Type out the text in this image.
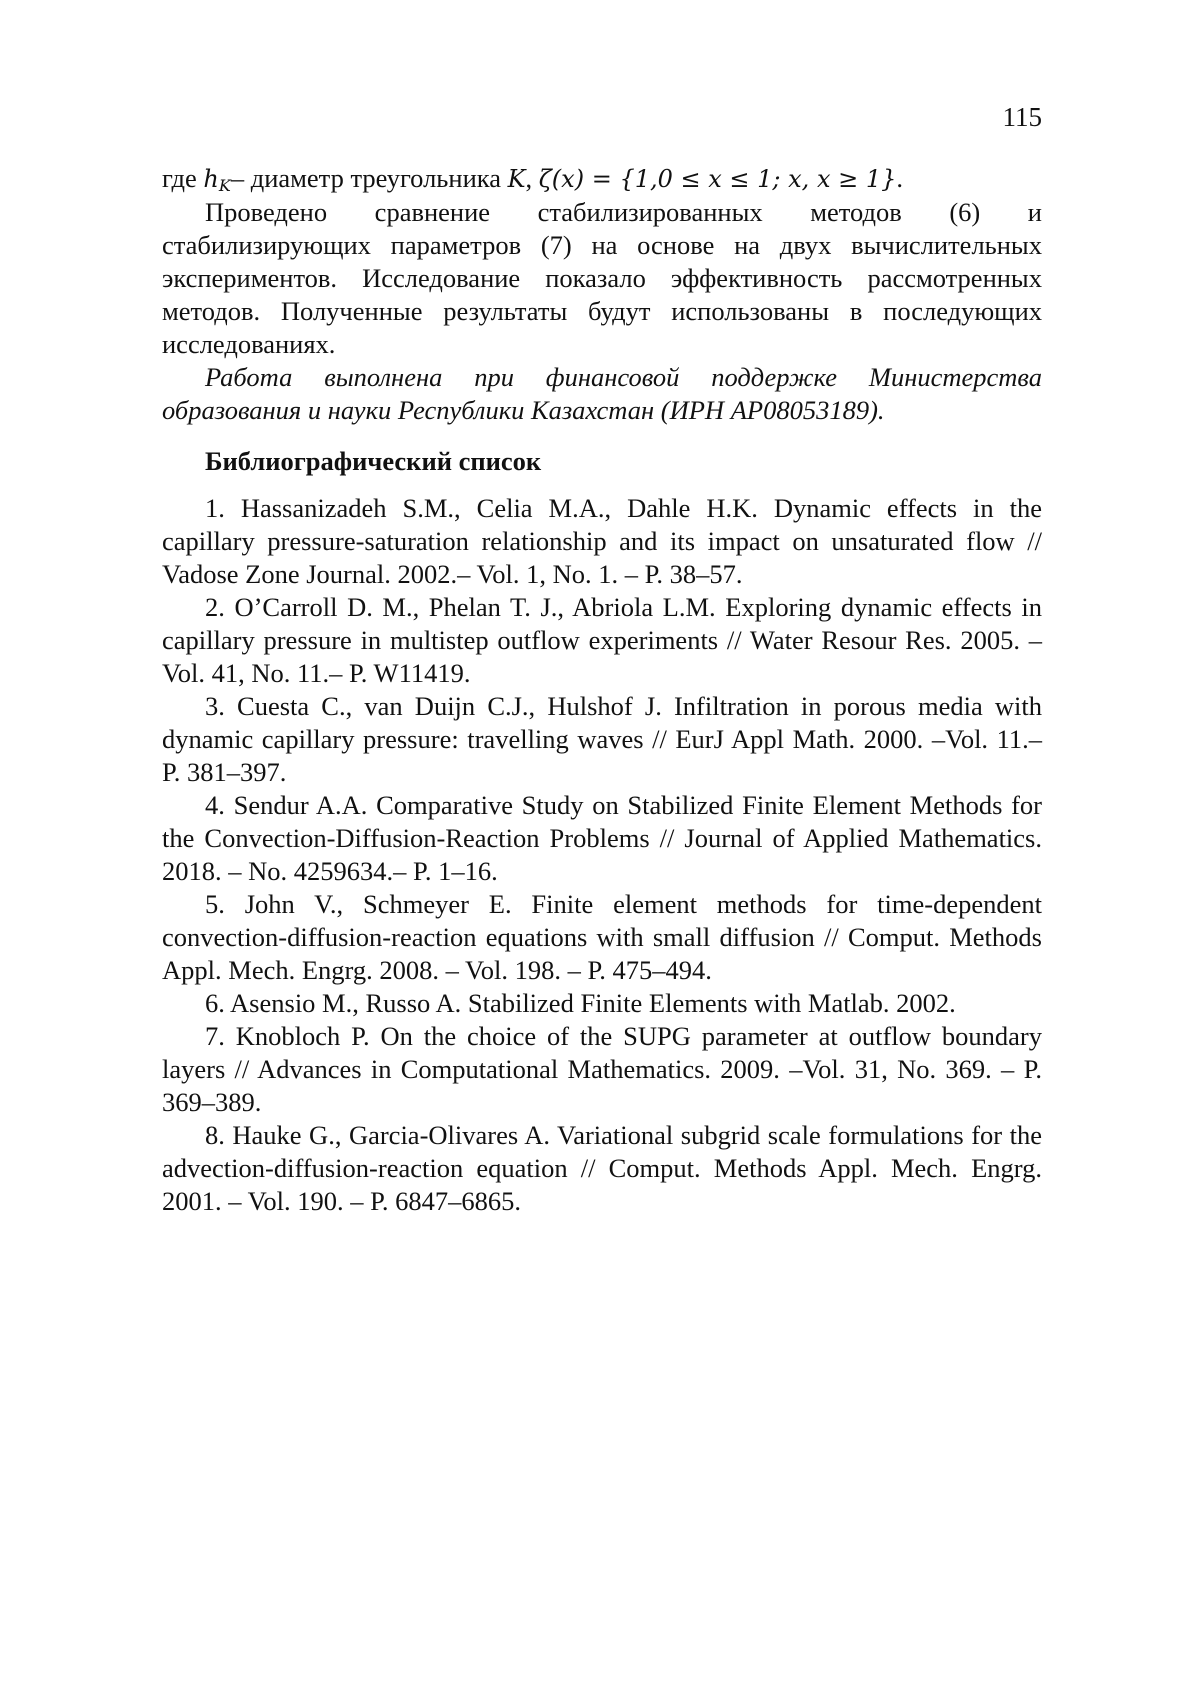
115

где $h_K-$ диаметр треугольника K, ζ(x) = {1,0 ≤ x ≤ 1; x, x ≥ 1}.

Проведено сравнение стабилизированных методов (6) и стабилизирующих параметров (7) на основе на двух вычислительных экспериментов. Исследование показало эффективность рассмотренных методов. Полученные результаты будут использованы в последующих исследованиях.

Работа выполнена при финансовой поддержке Министерства образования и науки Республики Казахстан (ИРН AP08053189).

Библиографический список

1. Hassanizadeh S.M., Celia M.A., Dahle H.K. Dynamic effects in the capillary pressure-saturation relationship and its impact on unsaturated flow // Vadose Zone Journal. 2002.– Vol. 1, No. 1. – P. 38–57.

2. O’Carroll D. M., Phelan T. J., Abriola L.M. Exploring dynamic effects in capillary pressure in multistep outflow experiments // Water Resour Res. 2005. – Vol. 41, No. 11.– P. W11419.

3. Cuesta C., van Duijn C.J., Hulshof J. Infiltration in porous media with dynamic capillary pressure: travelling waves // EurJ Appl Math. 2000. –Vol. 11.– P. 381–397.

4. Sendur A.A. Comparative Study on Stabilized Finite Element Methods for the Convection-Diffusion-Reaction Problems // Journal of Applied Mathematics. 2018. – No. 4259634.– P. 1–16.

5. John V., Schmeyer E. Finite element methods for time-dependent convection-diffusion-reaction equations with small diffusion // Comput. Methods Appl. Mech. Engrg. 2008. – Vol. 198. – P. 475–494.

6. Asensio M., Russo A. Stabilized Finite Elements with Matlab. 2002.

7. Knobloch P. On the choice of the SUPG parameter at outflow boundary layers // Advances in Computational Mathematics. 2009. –Vol. 31, No. 369. – P. 369–389.

8. Hauke G., Garcia-Olivares A. Variational subgrid scale formulations for the advection-diffusion-reaction equation // Comput. Methods Appl. Mech. Engrg. 2001. – Vol. 190. – P. 6847–6865.
